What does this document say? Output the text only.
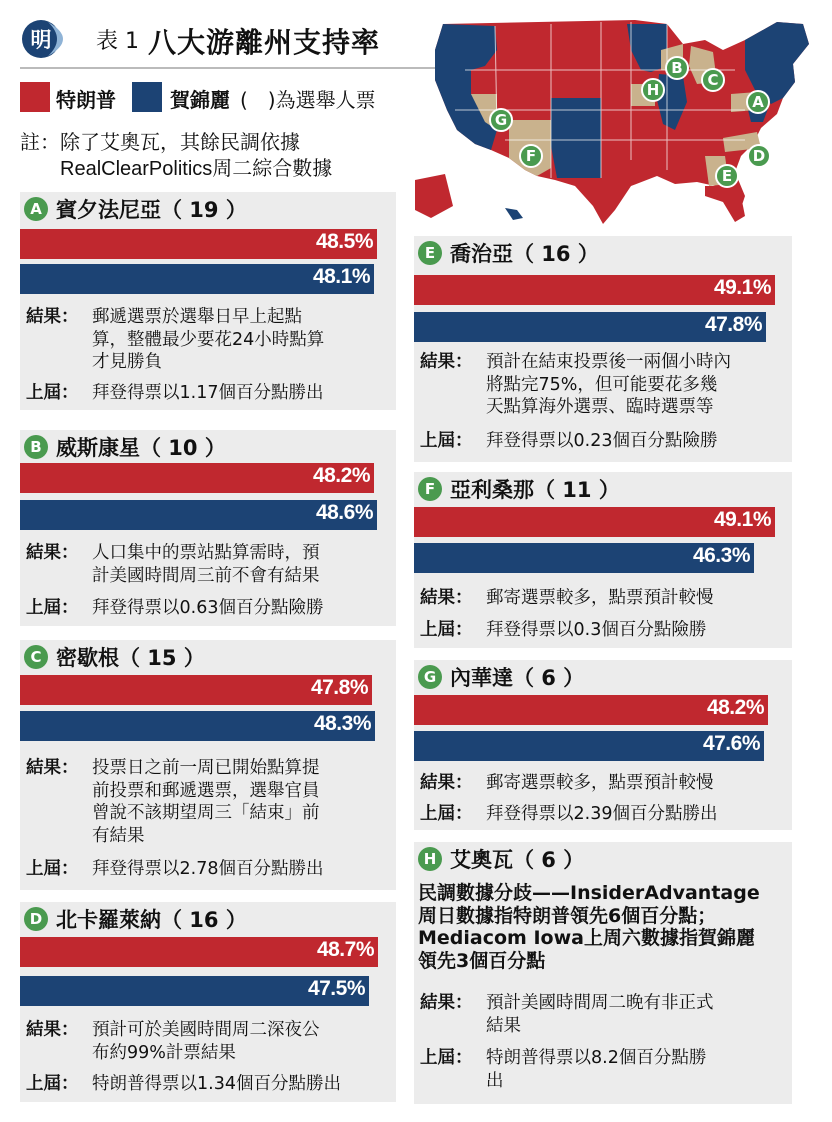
明 表 1 八大游離州支持率
特朗普	賀錦麗 (　)為選舉人票
註：除了艾奧瓦，其餘民調依據
RealClearPolitics周二綜合數據
A
B
C
D
E
F
G
H
A 賓夕法尼亞 （ 19 ）
48.5%
48.1%
結果： 郵遞選票於選舉日早上起點
算，整體最少要花24小時點算
才見勝負
上屆： 拜登得票以1.17個百分點勝出
B 威斯康星 （ 10 ）
48.2%
48.6%
結果： 人口集中的票站點算需時，預
計美國時間周三前不會有結果
上屆： 拜登得票以0.63個百分點險勝
C 密歇根 （ 15 ）
47.8%
48.3%
結果： 投票日之前一周已開始點算提
前投票和郵遞選票，選舉官員
曾說不該期望周三「結束」前
有結果
上屆： 拜登得票以2.78個百分點勝出
D 北卡羅萊納 （ 16 ）
48.7%
47.5%
結果： 預計可於美國時間周二深夜公
布約99%計票結果
上屆： 特朗普得票以1.34個百分點勝出
E 喬治亞 （ 16 ）
49.1%
47.8%
結果： 預計在結束投票後一兩個小時內
將點完75%，但可能要花多幾
天點算海外選票、臨時選票等
上屆： 拜登得票以0.23個百分點險勝
F 亞利桑那 （ 11 ）
49.1%
46.3%
結果： 郵寄選票較多，點票預計較慢
上屆： 拜登得票以0.3個百分點險勝
G 內華達 （ 6 ）
48.2%
47.6%
結果： 郵寄選票較多，點票預計較慢
上屆： 拜登得票以2.39個百分點勝出
H 艾奧瓦 （ 6 ）
民調數據分歧——InsiderAdvantage
周日數據指特朗普領先6個百分點；
Mediacom Iowa上周六數據指賀錦麗
領先3個百分點
結果： 預計美國時間周二晚有非正式
結果
上屆： 特朗普得票以8.2個百分點勝
出
